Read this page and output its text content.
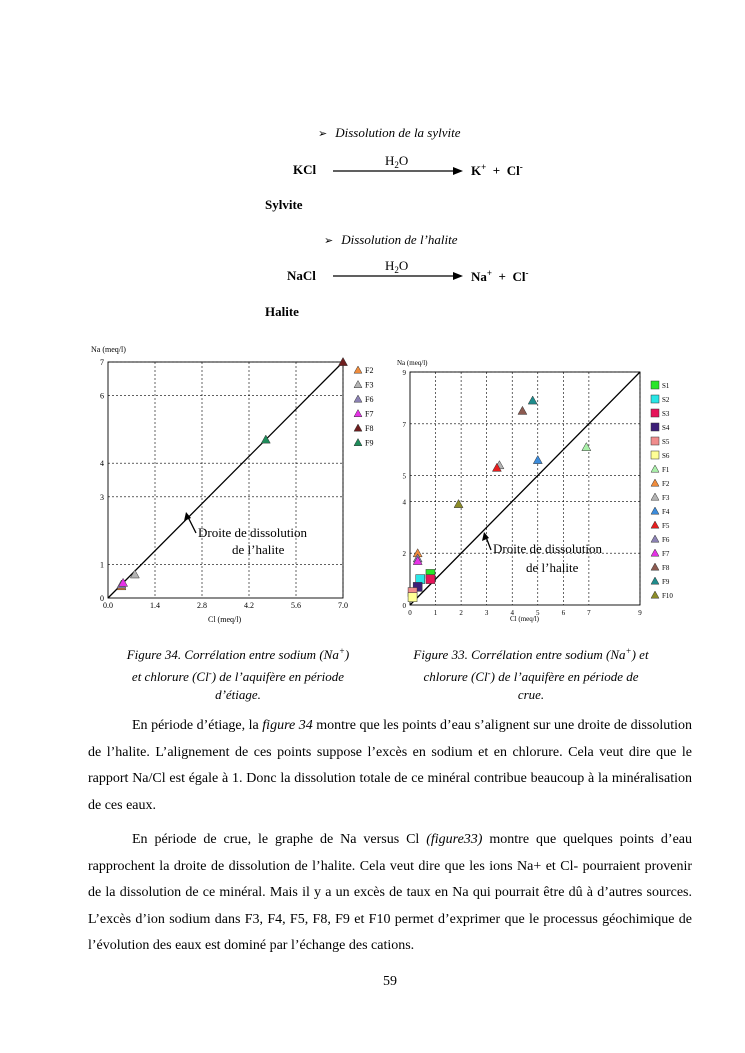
➢ Dissolution de la sylvite
KCl
$H_2O$
K+ + Cl-
Sylvite
➢ Dissolution de l’halite
NaCl
$H_2O$
Na+ + Cl-
Halite
0.0	1.4	2.8	4.2	5.6	7.0
0
1
3
4
6
7
F2
F3
F6
F7
F8
F9
Na (meq/l)
Cl (meq/l)
Droite de dissolution
de l’halite
0	1	2	3	4	5	6	7	9
0
2
4
5
7
9
S1
S2
S3
S4
S5
S6
F1
F2
F3
F4
F5
F6
F7
F8
F9
F10
Na (meq/l)
Cl (meq/l)
Droite de dissolution
de l’halite
Figure 34. Corrélation entre sodium (Na+)
et chlorure (Cl-) de l’aquifère en période
d’étiage.
Figure 33. Corrélation entre sodium (Na+) et
chlorure (Cl-) de l’aquifère en période de
crue.

En période d’étiage, la figure 34 montre que les points d’eau s’alignent sur une droite de dissolution de l’halite. L’alignement de ces points suppose l’excès en sodium et en chlorure. Cela veut dire que le rapport Na/Cl est égale à 1. Donc la dissolution totale de ce minéral contribue beaucoup à la minéralisation de ces eaux.

En période de crue, le graphe de Na versus Cl (figure33) montre que quelques points d’eau rapprochent la droite de dissolution de l’halite. Cela veut dire que les ions Na+ et Cl- pourraient provenir de la dissolution de ce minéral. Mais il y a un excès de taux en Na qui pourrait être dû à d’autres sources. L’excès d’ion sodium dans F3, F4, F5, F8, F9 et F10 permet d’exprimer que le processus géochimique de l’évolution des eaux est dominé par l’échange des cations.

59
